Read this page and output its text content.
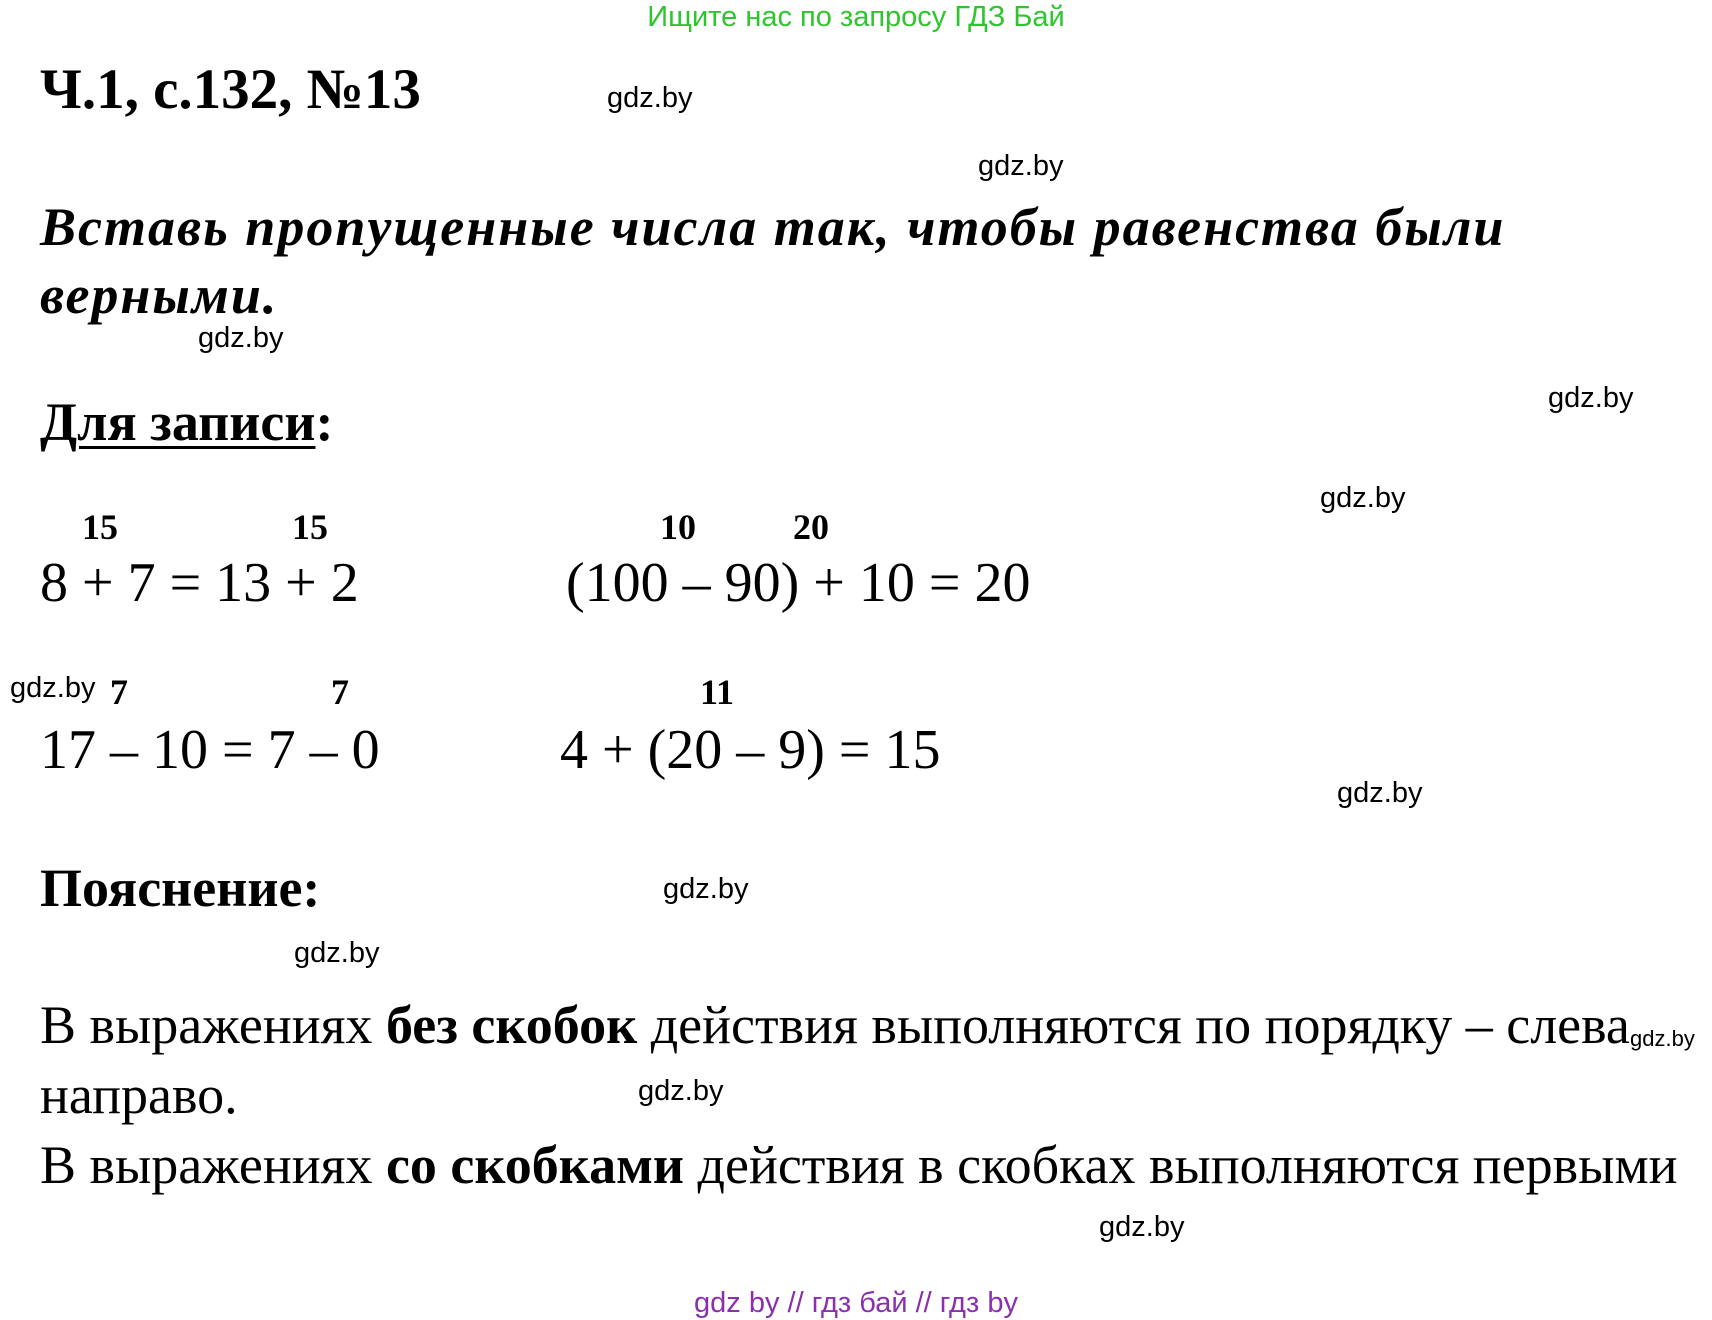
Ищите нас по запросу ГДЗ Бай
Ч.1, с.132, №13
Вставь пропущенные числа так, чтобы равенства были верными.
Для записи:
15	15
8 + 7 = 13 + 2
10	20
(100 – 90) + 10 = 20
7	7
17 – 10 = 7 – 0
11
4 + (20 – 9) = 15
Пояснение:
В выражениях без скобок действия выполняются по порядку – слева направо.
В выражениях со скобками действия в скобках выполняются первыми
gdz.by
gdz.by
gdz.by
gdz.by
gdz.by
gdz.by
gdz.by
gdz.by
gdz.by
gdz.by
gdz.by
gdz.by
gdz by // гдз бай // гдз by
